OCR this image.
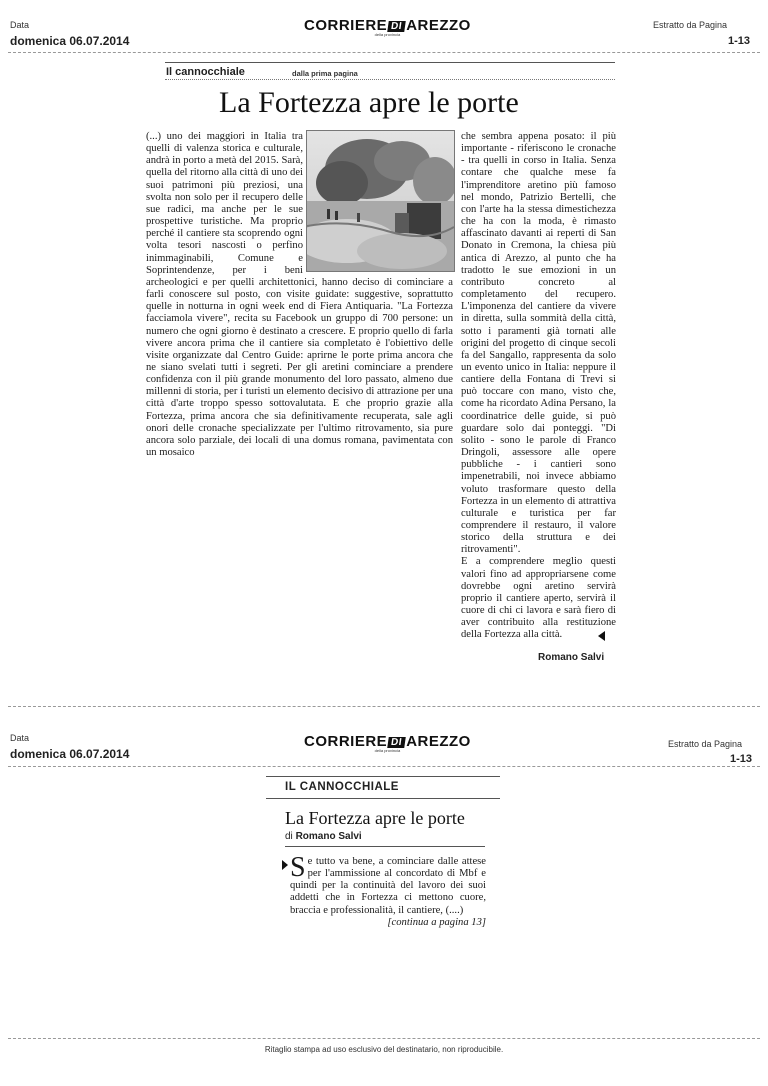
Data
domenica 06.07.2014
CORRIERE DI AREZZO
della provincia
Estratto da Pagina
1-13
Il cannocchiale	dalla prima pagina
La Fortezza apre le porte

(...) uno dei maggiori in Italia tra quelli di valenza storica e culturale, andrà in porto a metà del 2015. Sarà, quella del ritorno alla città di uno dei suoi patrimoni più preziosi, una svolta non solo per il recupero delle sue radici, ma anche per le sue prospettive turistiche. Ma proprio perché il cantiere sta scoprendo ogni volta tesori nascosti o perfino inimmaginabili, Comune e Soprintendenze, per i beni archeologici e per quelli architettonici, hanno deciso di cominciare a farli conoscere sul posto, con visite guidate: suggestive, soprattutto quelle in notturna in ogni week end di Fiera Antiquaria. "La Fortezza facciamola vivere", recita su Facebook un gruppo di 700 persone: un numero che ogni giorno è destinato a crescere. E proprio quello di farla vivere ancora prima che il cantiere sia completato è l'obiettivo delle visite organizzate dal Centro Guide: aprirne le porte prima ancora che ne siano svelati tutti i segreti. Per gli aretini cominciare a prendere confidenza con il più grande monumento del loro passato, almeno due millenni di storia, per i turisti un elemento decisivo di attrazione per una città d'arte troppo spesso sottovalutata. E che proprio grazie alla Fortezza, prima ancora che sia definitivamente recuperata, sale agli onori delle cronache specializzate per l'ultimo ritrovamento, sia pure ancora solo parziale, dei locali di una domus romana, pavimentata con un mosaico

che sembra appena posato: il più importante - riferiscono le cronache - tra quelli in corso in Italia. Senza contare che qualche mese fa l'imprenditore aretino più famoso nel mondo, Patrizio Bertelli, che con l'arte ha la stessa dimestichezza che ha con la moda, è rimasto affascinato davanti ai reperti di San Donato in Cremona, la chiesa più antica di Arezzo, al punto che ha tradotto le sue emozioni in un contributo concreto al completamento del recupero. L'imponenza del cantiere da vivere in diretta, sulla sommità della città, sotto i paramenti già tornati alle origini del progetto di cinque secoli fa del Sangallo, rappresenta da solo un evento unico in Italia: neppure il cantiere della Fontana di Trevi si può toccare con mano, visto che, come ha ricordato Adina Persano, la coordinatrice delle guide, si può guardare solo dai ponteggi. "Di solito - sono le parole di Franco Dringoli, assessore alle opere pubbliche - i cantieri sono impenetrabili, noi invece abbiamo voluto trasformare questo della Fortezza in un elemento di attrattiva culturale e turistica per far comprendere il restauro, il valore storico della struttura e dei ritrovamenti".

E a comprendere meglio questi valori fino ad appropriarsene come dovrebbe ogni aretino servirà proprio il cantiere aperto, servirà il cuore di chi ci lavora e sarà fiero di aver contribuito alla restituzione della Fortezza alla città.

Romano Salvi
Data
domenica 06.07.2014
CORRIERE DI AREZZO
della provincia
Estratto da Pagina
1-13
IL CANNOCCHIALE
La Fortezza apre le porte
di Romano Salvi
S e tutto va bene, a cominciare dalle attese per l'ammissione al concordato di Mbf e quindi per la continuità del lavoro dei suoi addetti che in Fortezza ci mettono cuore, braccia e professionalità, il cantiere, (....)
[continua a pagina 13]
Ritaglio stampa ad uso esclusivo del destinatario, non riproducibile.
